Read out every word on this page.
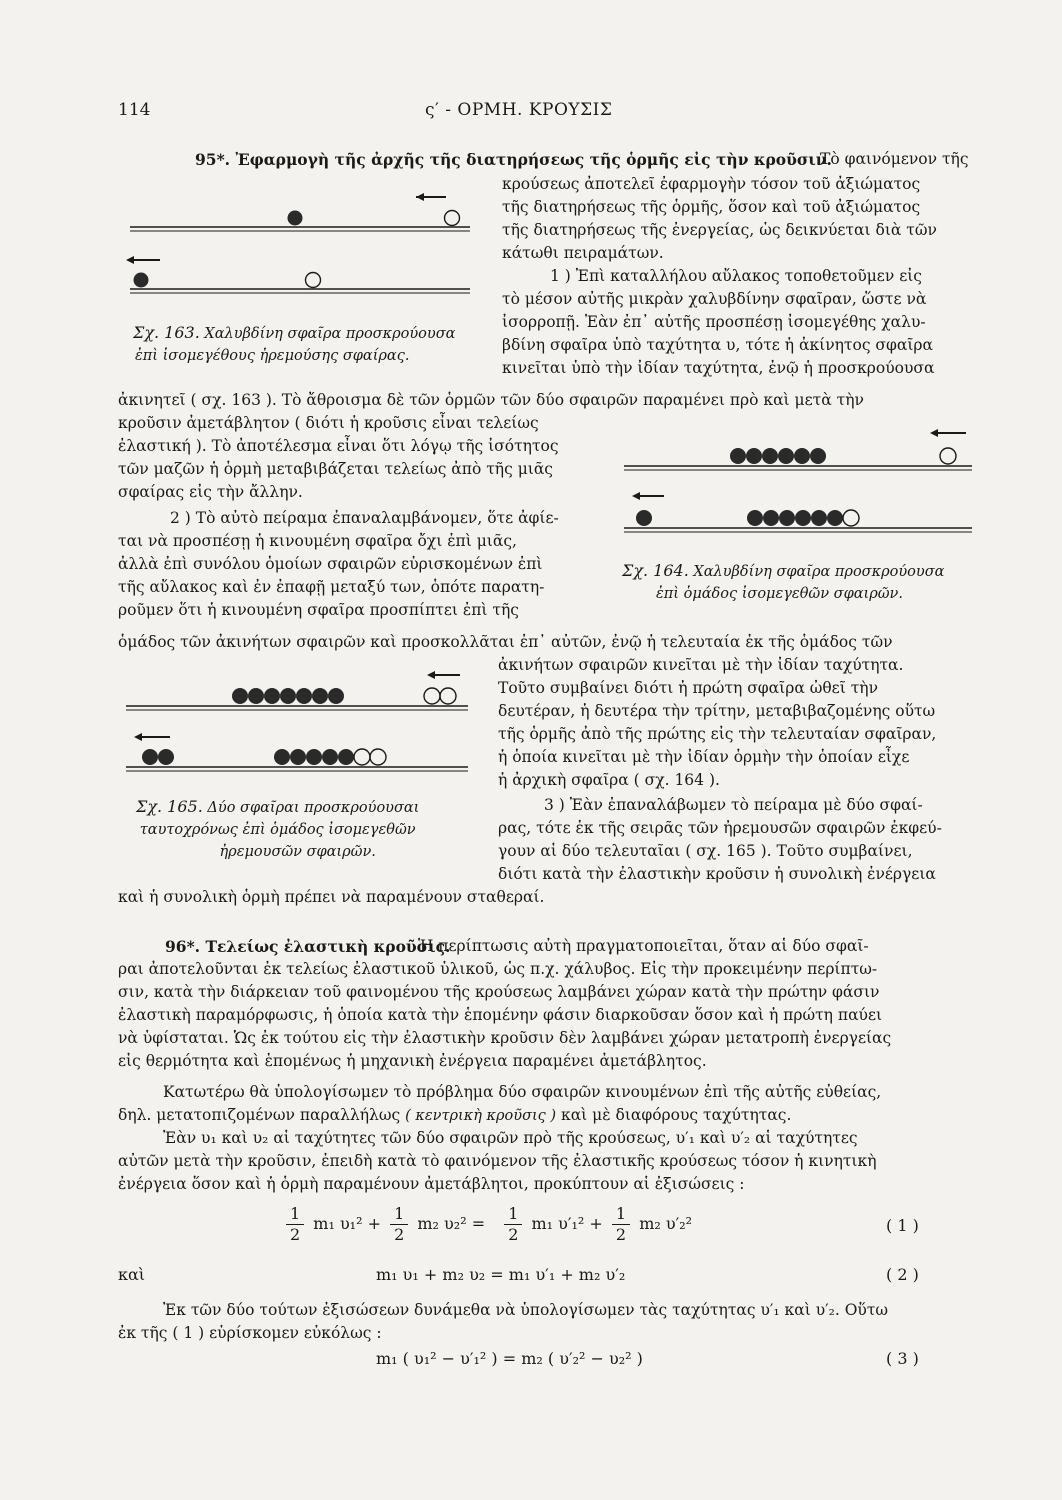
114	ς′ - ΟΡΜΗ. ΚΡΟΥΣΙΣ
95*. Ἐφαρμογὴ τῆς ἀρχῆς τῆς διατηρήσεως τῆς ὁρμῆς εἰς τὴν κροῦσιν.
Τὸ φαινόμενον τῆς
κρούσεως ἀποτελεῖ ἐφαρμογὴν τόσον τοῦ ἀξιώματος
τῆς διατηρήσεως τῆς ὁρμῆς, ὅσον καὶ τοῦ ἀξιώματος
τῆς διατηρήσεως τῆς ἐνεργείας, ὡς δεικνύεται διὰ τῶν
κάτωθι πειραμάτων.
1 ) Ἐπὶ καταλλήλου αὔλακος τοποθετοῦμεν εἰς
τὸ μέσον αὐτῆς μικρὰν χαλυβδίνην σφαῖραν, ὥστε νὰ
ἰσορροπῇ. Ἐὰν ἐπ᾽ αὐτῆς προσπέσῃ ἰσομεγέθης χαλυ-
βδίνη σφαῖρα ὑπὸ ταχύτητα υ, τότε ἡ ἀκίνητος σφαῖρα
κινεῖται ὑπὸ τὴν ἰδίαν ταχύτητα, ἐνῷ ἡ προσκρούουσα
Σχ. 163. Χαλυβδίνη σφαῖρα προσκρούουσα
ἐπὶ ἰσομεγέθους ἠρεμούσης σφαίρας.
ἀκινητεῖ ( σχ. 163 ). Τὸ ἄθροισμα δὲ τῶν ὁρμῶν τῶν δύο σφαιρῶν παραμένει πρὸ καὶ μετὰ τὴν
κροῦσιν ἀμετάβλητον ( διότι ἡ κροῦσις εἶναι τελείως
ἐλαστική ). Τὸ ἀποτέλεσμα εἶναι ὅτι λόγῳ τῆς ἰσότητος
τῶν μαζῶν ἡ ὁρμὴ μεταβιβάζεται τελείως ἀπὸ τῆς μιᾶς
σφαίρας εἰς τὴν ἄλλην.
2 ) Τὸ αὐτὸ πείραμα ἐπαναλαμβάνομεν, ὅτε ἀφίε-
ται νὰ προσπέσῃ ἡ κινουμένη σφαῖρα ὄχι ἐπὶ μιᾶς,
ἀλλὰ ἐπὶ συνόλου ὁμοίων σφαιρῶν εὑρισκομένων ἐπὶ
τῆς αὔλακος καὶ ἐν ἐπαφῇ μεταξύ των, ὁπότε παρατη-
ροῦμεν ὅτι ἡ κινουμένη σφαῖρα προσπίπτει ἐπὶ τῆς
Σχ. 164. Χαλυβδίνη σφαῖρα προσκρούουσα
ἐπὶ ὁμάδος ἰσομεγεθῶν σφαιρῶν.
ὁμάδος τῶν ἀκινήτων σφαιρῶν καὶ προσκολλᾶται ἐπ᾽ αὐτῶν, ἐνῷ ἡ τελευταία ἐκ τῆς ὁμάδος τῶν
Σχ. 165. Δύο σφαῖραι προσκρούουσαι
ταυτοχρόνως ἐπὶ ὁμάδος ἰσομεγεθῶν
ἠρεμουσῶν σφαιρῶν.
ἀκινήτων σφαιρῶν κινεῖται μὲ τὴν ἰδίαν ταχύτητα.
Τοῦτο συμβαίνει διότι ἡ πρώτη σφαῖρα ὠθεῖ τὴν
δευτέραν, ἡ δευτέρα τὴν τρίτην, μεταβιβαζομένης οὕτω
τῆς ὁρμῆς ἀπὸ τῆς πρώτης εἰς τὴν τελευταίαν σφαῖραν,
ἡ ὁποία κινεῖται μὲ τὴν ἰδίαν ὁρμὴν τὴν ὁποίαν εἶχε
ἡ ἀρχικὴ σφαῖρα ( σχ. 164 ).
3 ) Ἐὰν ἐπαναλάβωμεν τὸ πείραμα μὲ δύο σφαί-
ρας, τότε ἐκ τῆς σειρᾶς τῶν ἠρεμουσῶν σφαιρῶν ἐκφεύ-
γουν αἱ δύο τελευταῖαι ( σχ. 165 ). Τοῦτο συμβαίνει,
διότι κατὰ τὴν ἐλαστικὴν κροῦσιν ἡ συνολικὴ ἐνέργεια
καὶ ἡ συνολικὴ ὁρμὴ πρέπει νὰ παραμένουν σταθεραί.
96*. Τελείως ἐλαστικὴ κροῦσις.
Ἡ περίπτωσις αὐτὴ πραγματοποιεῖται, ὅταν αἱ δύο σφαῖ-
ραι ἀποτελοῦνται ἐκ τελείως ἐλαστικοῦ ὑλικοῦ, ὡς π.χ. χάλυβος. Εἰς τὴν προκειμένην περίπτω-
σιν, κατὰ τὴν διάρκειαν τοῦ φαινομένου τῆς κρούσεως λαμβάνει χώραν κατὰ τὴν πρώτην φάσιν
ἐλαστικὴ παραμόρφωσις, ἡ ὁποία κατὰ τὴν ἑπομένην φάσιν διαρκοῦσαν ὅσον καὶ ἡ πρώτη παύει
νὰ ὑφίσταται. Ὡς ἐκ τούτου εἰς τὴν ἐλαστικὴν κροῦσιν δὲν λαμβάνει χώραν μετατροπὴ ἐνεργείας
εἰς θερμότητα καὶ ἑπομένως ἡ μηχανικὴ ἐνέργεια παραμένει ἀμετάβλητος.
Κατωτέρω θὰ ὑπολογίσωμεν τὸ πρόβλημα δύο σφαιρῶν κινουμένων ἐπὶ τῆς αὐτῆς εὐθείας,
δηλ. μετατοπιζομένων παραλλήλως ( κεντρικὴ κροῦσις ) καὶ μὲ διαφόρους ταχύτητας.
Ἐὰν υ₁ καὶ υ₂ αἱ ταχύτητες τῶν δύο σφαιρῶν πρὸ τῆς κρούσεως, υ′₁ καὶ υ′₂ αἱ ταχύτητες
αὐτῶν μετὰ τὴν κροῦσιν, ἐπειδὴ κατὰ τὸ φαινόμενον τῆς ἐλαστικῆς κρούσεως τόσον ἡ κινητικὴ
ἐνέργεια ὅσον καὶ ἡ ὁρμὴ παραμένουν ἀμετάβλητοι, προκύπτουν αἱ ἐξισώσεις :
$\frac{1}{2} m_1$ $\upsilon_1^2 + \frac{1}{2} m_2$ $\upsilon_2^2 = \frac{1}{2} m_1$ $\upsilon'_1^2 + \frac{1}{2} m_2$ υ′₂²	( 1 )
καὶ	m₁ υ₁ + m₂ υ₂ = m₁ υ′₁ + m₂ υ′₂	( 2 )
Ἐκ τῶν δύο τούτων ἐξισώσεων δυνάμεθα νὰ ὑπολογίσωμεν τὰς ταχύτητας υ′₁ καὶ υ′₂. Οὕτω
ἐκ τῆς ( 1 ) εὑρίσκομεν εὐκόλως :
m₁ ( υ₁² − υ′₁² ) = m₂ ( υ′₂² − υ₂² )	( 3 )
